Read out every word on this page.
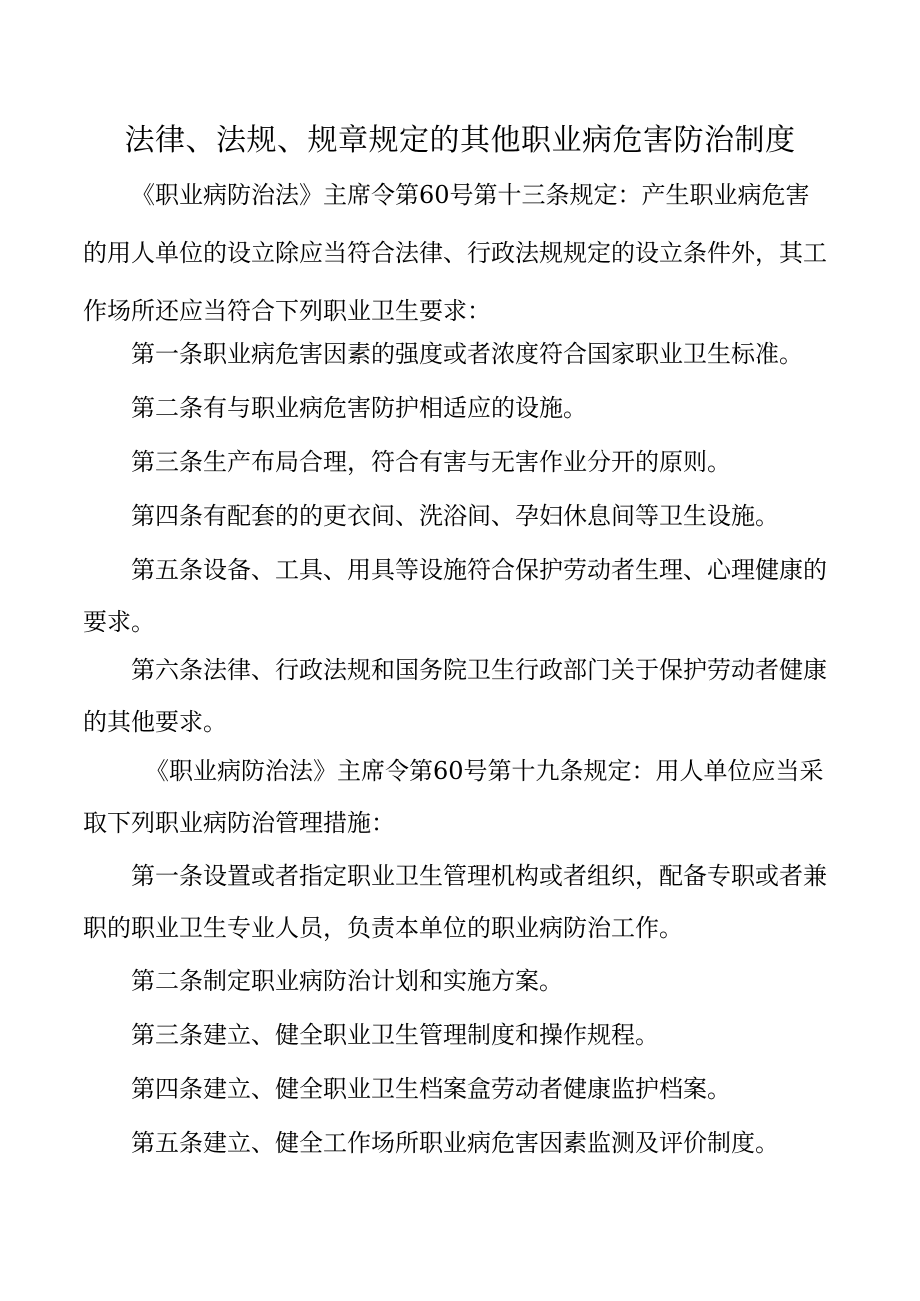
法律、法规、规章规定的其他职业病危害防治制度
《职业病防治法》主席令第60号第十三条规定：产生职业病危害
的用人单位的设立除应当符合法律、行政法规规定的设立条件外，其工
作场所还应当符合下列职业卫生要求：
第一条职业病危害因素的强度或者浓度符合国家职业卫生标准。
第二条有与职业病危害防护相适应的设施。
第三条生产布局合理，符合有害与无害作业分开的原则。
第四条有配套的的更衣间、洗浴间、孕妇休息间等卫生设施。
第五条设备、工具、用具等设施符合保护劳动者生理、心理健康的
要求。
第六条法律、行政法规和国务院卫生行政部门关于保护劳动者健康
的其他要求。
《职业病防治法》主席令第60号第十九条规定：用人单位应当采
取下列职业病防治管理措施：
第一条设置或者指定职业卫生管理机构或者组织，配备专职或者兼
职的职业卫生专业人员，负责本单位的职业病防治工作。
第二条制定职业病防治计划和实施方案。
第三条建立、健全职业卫生管理制度和操作规程。
第四条建立、健全职业卫生档案盒劳动者健康监护档案。
第五条建立、健全工作场所职业病危害因素监测及评价制度。
